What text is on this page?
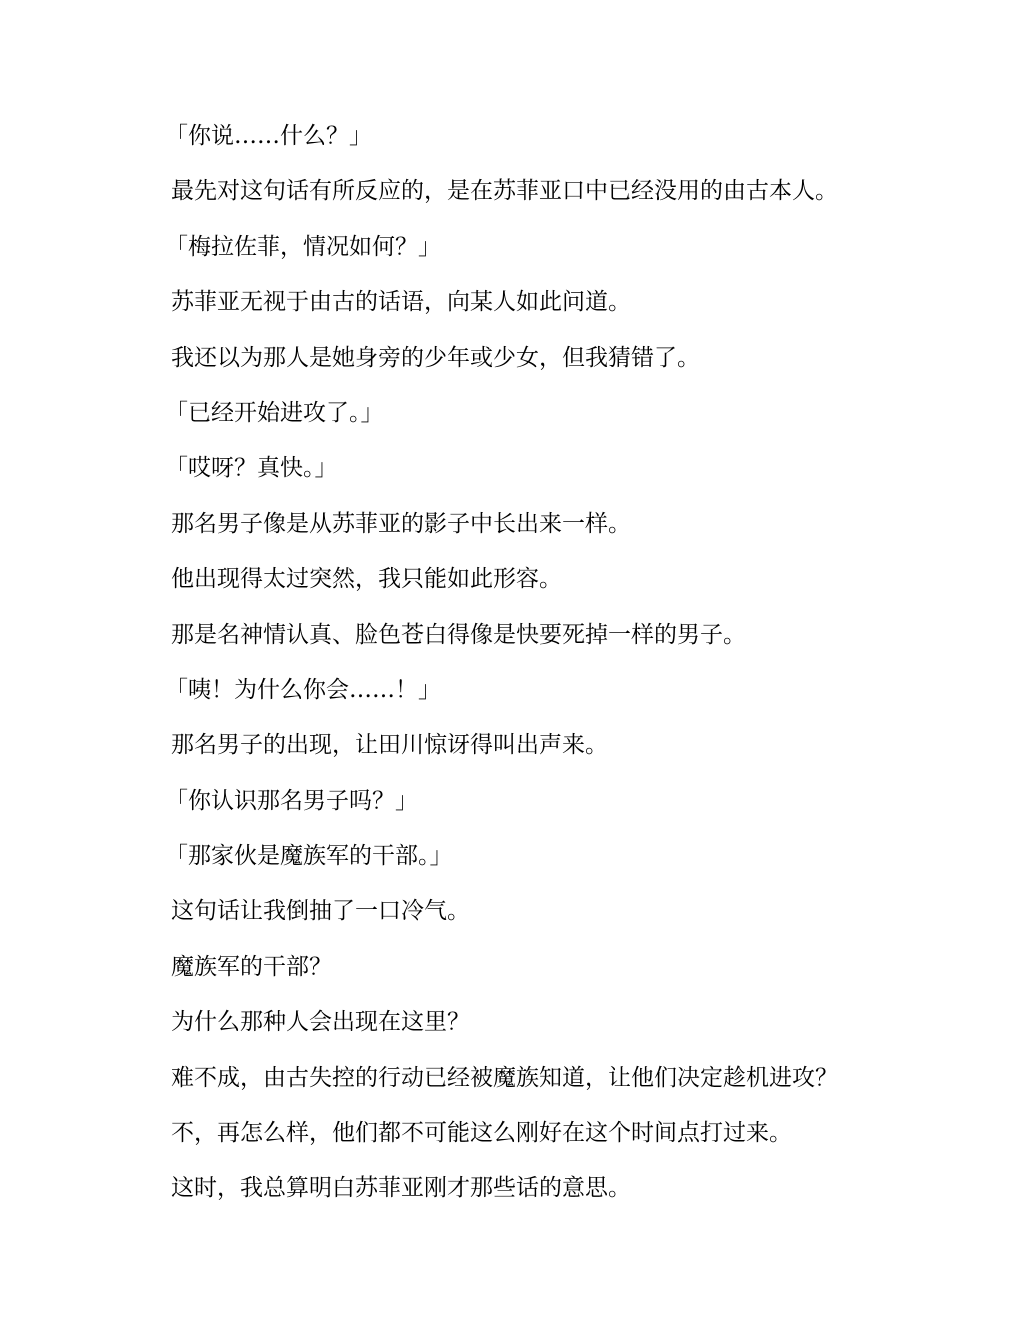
「你说……什么？」

最先对这句话有所反应的，是在苏菲亚口中已经没用的由古本人。

「梅拉佐菲，情况如何？」

苏菲亚无视于由古的话语，向某人如此问道。

我还以为那人是她身旁的少年或少女，但我猜错了。

「已经开始进攻了。」

「哎呀？真快。」

那名男子像是从苏菲亚的影子中长出来一样。

他出现得太过突然，我只能如此形容。

那是名神情认真、脸色苍白得像是快要死掉一样的男子。

「咦！为什么你会……！」

那名男子的出现，让田川惊讶得叫出声来。

「你认识那名男子吗？」

「那家伙是魔族军的干部。」

这句话让我倒抽了一口冷气。

魔族军的干部？

为什么那种人会出现在这里？

难不成，由古失控的行动已经被魔族知道，让他们决定趁机进攻？

不，再怎么样，他们都不可能这么刚好在这个时间点打过来。

这时，我总算明白苏菲亚刚才那些话的意思。
